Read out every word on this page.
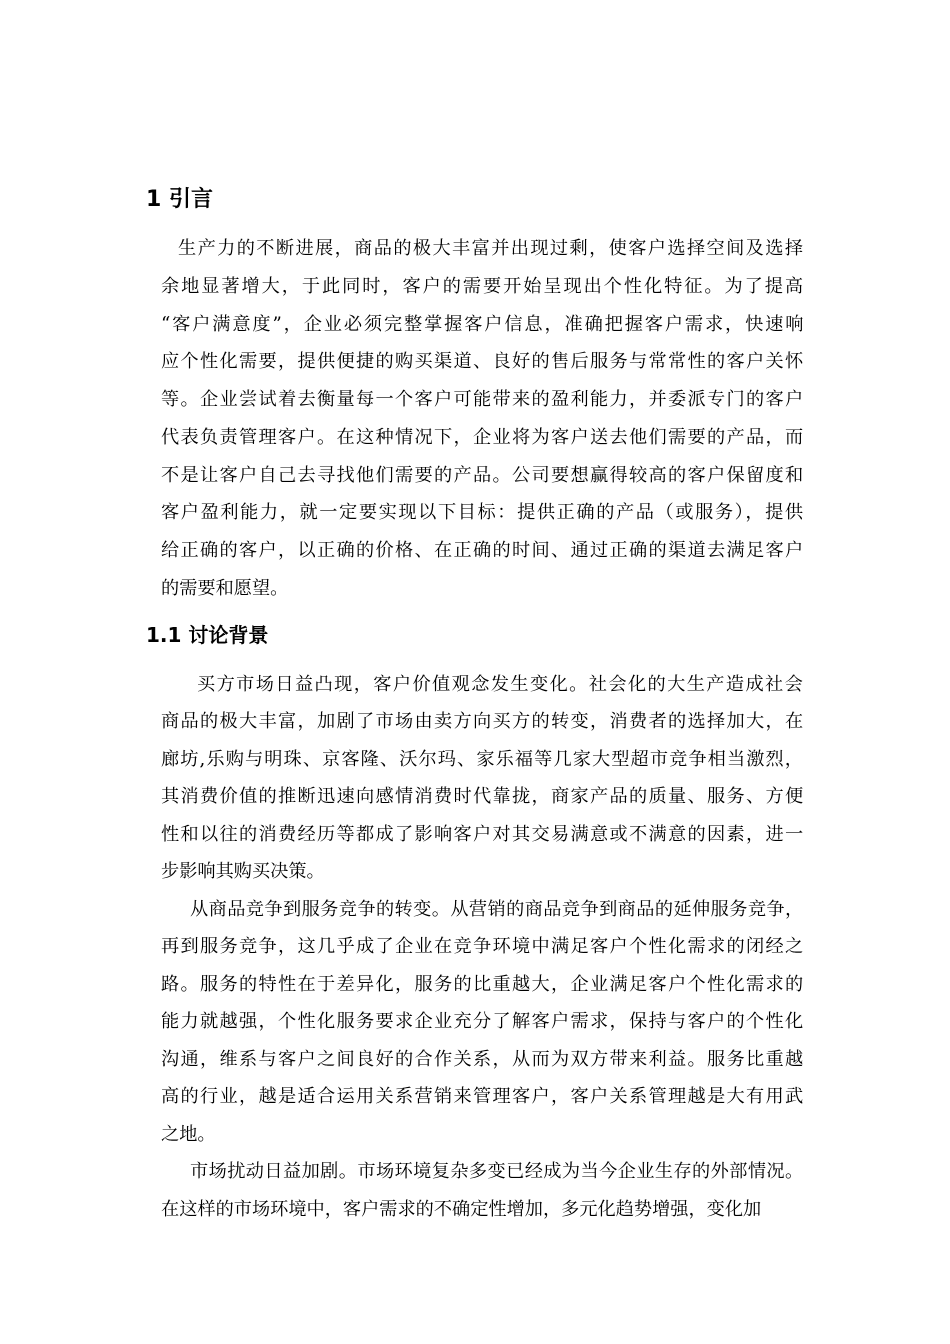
1 引言
生产力的不断进展，商品的极大丰富并出现过剩，使客户选择空间及选择
余地显著增大，于此同时，客户的需要开始呈现出个性化特征。为了提高
“客户满意度”，企业必须完整掌握客户信息，准确把握客户需求，快速响
应个性化需要，提供便捷的购买渠道、良好的售后服务与常常性的客户关怀
等。企业尝试着去衡量每一个客户可能带来的盈利能力，并委派专门的客户
代表负责管理客户。在这种情况下，企业将为客户送去他们需要的产品，而
不是让客户自己去寻找他们需要的产品。公司要想赢得较高的客户保留度和
客户盈利能力，就一定要实现以下目标：提供正确的产品（或服务），提供
给正确的客户，以正确的价格、在正确的时间、通过正确的渠道去满足客户
的需要和愿望。
1.1 讨论背景
买方市场日益凸现，客户价值观念发生变化。社会化的大生产造成社会
商品的极大丰富，加剧了市场由卖方向买方的转变，消费者的选择加大，在
廊坊,乐购与明珠、京客隆、沃尔玛、家乐福等几家大型超市竞争相当激烈，
其消费价值的推断迅速向感情消费时代靠拢，商家产品的质量、服务、方便
性和以往的消费经历等都成了影响客户对其交易满意或不满意的因素，进一
步影响其购买决策。
从商品竞争到服务竞争的转变。从营销的商品竞争到商品的延伸服务竞争，
再到服务竞争，这几乎成了企业在竞争环境中满足客户个性化需求的闭经之
路。服务的特性在于差异化，服务的比重越大，企业满足客户个性化需求的
能力就越强，个性化服务要求企业充分了解客户需求，保持与客户的个性化
沟通，维系与客户之间良好的合作关系，从而为双方带来利益。服务比重越
高的行业，越是适合运用关系营销来管理客户，客户关系管理越是大有用武
之地。
市场扰动日益加剧。市场环境复杂多变已经成为当今企业生存的外部情况。
在这样的市场环境中，客户需求的不确定性增加，多元化趋势增强，变化加
